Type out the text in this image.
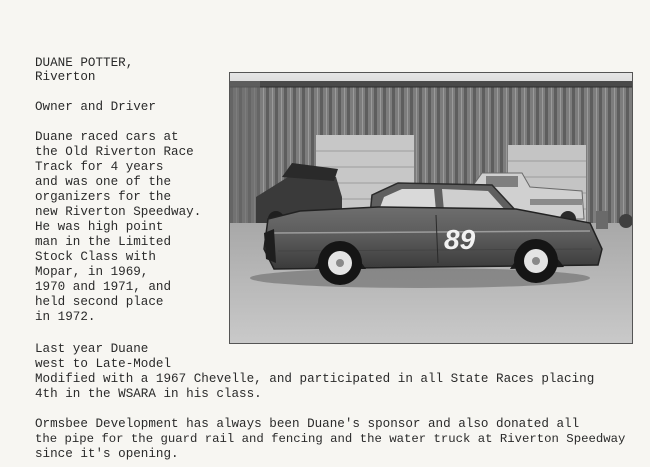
DUANE POTTER,
Riverton
Owner and Driver
Duane raced cars at
the Old Riverton Race
Track for 4 years
and was one of the
organizers for the
new Riverton Speedway.
He was high point
man in the Limited
Stock Class with
Mopar, in 1969,
1970 and 1971, and
held second place
in 1972.
Last year Duane
west to Late-Model
Modified with a 1967 Chevelle, and participated in all State Races placing
4th in the WSARA in his class.
Ormsbee Development has always been Duane's sponsor and also donated all
the pipe for the guard rail and fencing and the water truck at Riverton Speedway
since it's opening.
89
